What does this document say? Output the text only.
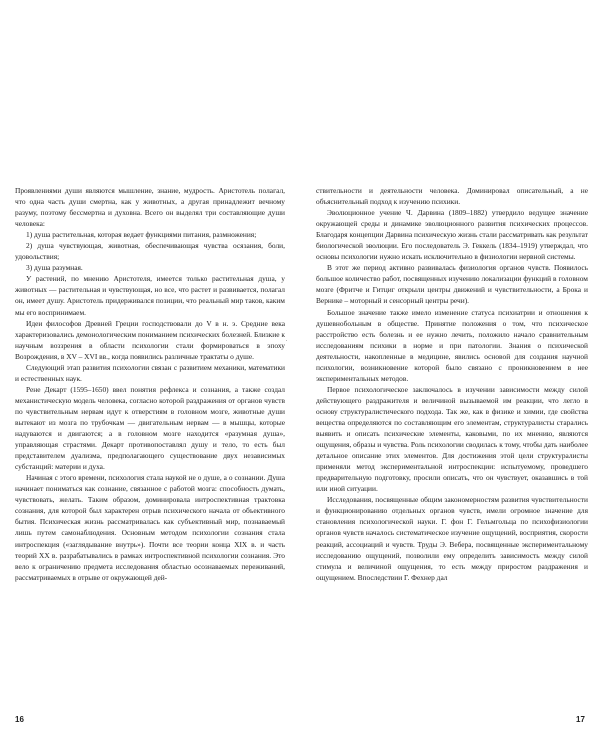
Проявлениями души являются мышление, знание, мудрость. Аристотель полагал, что одна часть души смертна, как у животных, а другая принадлежит вечному разуму, поэтому бессмертна и духовна. Всего он выделял три составляющие души человека:

1) душа растительная, которая ведает функциями питания, размножения;
2) душа чувствующая, животная, обеспечивающая чувства осязания, боли, удовольствия;
3) душа разумная.

У растений, по мнению Аристотеля, имеется только растительная душа, у животных — растительная и чувствующая, но все, что растет и развивается, полагал он, имеет душу. Аристотель придерживался позиции, что реальный мир таков, каким мы его воспринимаем.

Идеи философов Древней Греции господствовали до V в н. э. Средние века характеризовались демонологическим пониманием психических болезней. Близкие к научным воззрения в области психологии стали формироваться в эпоху Возрождения, в XV – XVI вв., когда появились различные трактаты о душе.

Следующий этап развития психологии связан с развитием механики, математики и естественных наук.

Рене Декарт (1595–1650) ввел понятия рефлекса и сознания, а также создал механистическую модель человека, согласно которой раздражения от органов чувств по чувствительным нервам идут к отверстиям в головном мозге, животные души вытекают из мозга по трубочкам — двигательным нервам — в мышцы, которые надуваются и двигаются; а в головном мозге находится «разумная душа», управляющая страстями. Декарт противопоставлял душу и тело, то есть был представителем дуализма, предполагающего существование двух независимых субстанций: материи и духа.

Начиная с этого времени, психология стала наукой не о душе, а о сознании. Душа начинает пониматься как сознание, связанное с работой мозга: способность думать, чувствовать, желать. Таким образом, доминировала интроспективная трактовка сознания, для которой был характерен отрыв психического начала от объективного бытия. Психическая жизнь рассматривалась как субъективный мир, познаваемый лишь путем самонаблюдения. Основным методом психологии сознания стала интроспекция («заглядывание внутрь»). Почти все теории конца XIX в. и часть теорий XX в. разрабатывались в рамках интроспективной психологии сознания. Это вело к ограничению предмета исследования областью осознаваемых переживаний, рассматриваемых в отрыве от окружающей дей-

ствительности и деятельности человека. Доминировал описательный, а не объяснительный подход к изучению психики.

Эволюционное учение Ч. Дарвина (1809–1882) утвердило ведущее значение окружающей среды и динамике эволюционного развития психических процессов. Благодаря концепции Дарвина психическую жизнь стали рассматривать как результат биологической эволюции. Его последователь Э. Геккель (1834–1919) утверждал, что основы психологии нужно искать исключительно в физиологии нервной системы.

В этот же период активно развивалась физиология органов чувств. Появилось большое количество работ, посвященных изучению локализации функций в головном мозге (Фритче и Гитциг открыли центры движений и чувствительности, а Брока и Вернике – моторный и сенсорный центры речи).

Большое значение также имело изменение статуса психиатрии и отношения к душевнобольным в обществе. Принятие положения о том, что психическое расстройство есть болезнь и ее нужно лечить, положило начало сравнительным исследованиям психики в норме и при патологии. Знания о психической деятельности, накопленные в медицине, явились основой для создания научной психологии, возникновение которой было связано с проникновением в нее экспериментальных методов.

Первое психологическое заключалось в изучении зависимости между силой действующего раздражителя и величиной вызываемой им реакции, что легло в основу структуралистического подхода. Так же, как в физике и химии, где свойства вещества определяются по составляющим его элементам, структуралисты старались выявить и описать психические элементы, каковыми, по их мнению, являются ощущения, образы и чувства. Роль психологии сводилась к тому, чтобы дать наиболее детальное описание этих элементов. Для достижения этой цели структуралисты применяли метод экспериментальной интроспекции: испытуемому, проведшего предварительную подготовку, просили описать, что он чувствует, оказавшись в той или иной ситуации.

Исследования, посвященные общим закономерностям развития чувствительности и функционированию отдельных органов чувств, имели огромное значение для становления психологической науки. Г. фон Г. Гельмгольца по психофизиологии органов чувств началось систематическое изучение ощущений, восприятия, скорости реакций, ассоциаций и чувств. Труды Э. Вебера, посвященные экспериментальному исследованию ощущений, позволили ему определить зависимость между силой стимула и величиной ощущения, то есть между приростом раздражения и ощущением. Впоследствии Г. Фехнер дал

16	17
